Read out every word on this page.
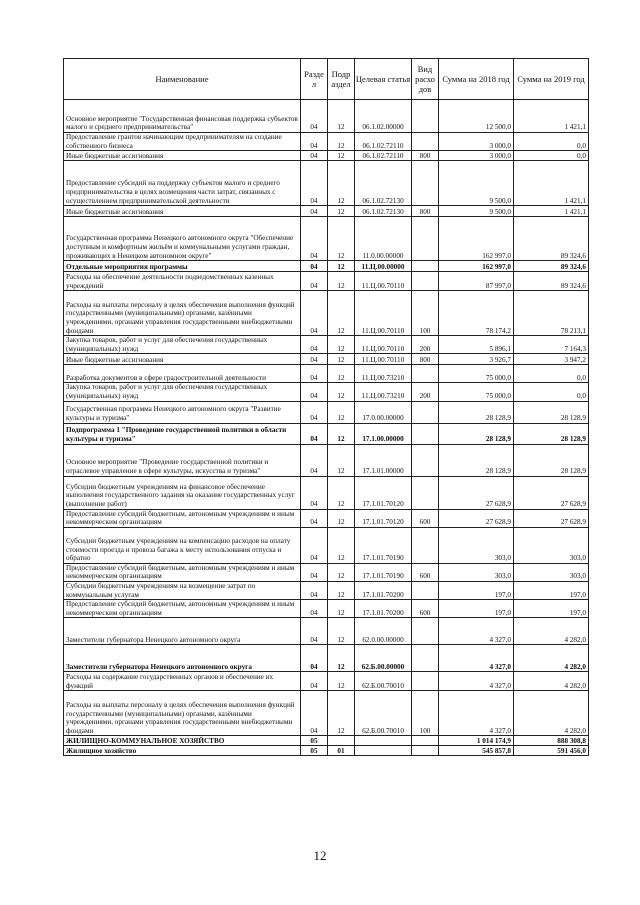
Наименование	Разде л	Подр аздел	Целевая статья	Вид расхо дов	Сумма на 2018 год	Сумма на 2019 год
Основное мероприятие "Государственная финансовая поддержка субъектов малого и среднего предпринимательства"	04	12	06.1.02.00000		12 500,0	1 421,1
Предоставление грантов начинающим предпринимателям на создание собственного бизнеса	04	12	06.1.02.72110		3 000,0	0,0
Иные бюджетные ассигнования	04	12	06.1.02.72110	800	3 000,0	0,0
Предоставление субсидий на поддержку субъектов малого и среднего предпринимательства в целях возмещения части затрат, связанных с осуществлением предпринимательской деятельности	04	12	06.1.02.72130		9 500,0	1 421,1
Иные бюджетные ассигнования	04	12	06.1.02.72130	800	9 500,0	1 421,1
Государственная программа Ненецкого автономного округа "Обеспечение доступным и комфортным жильём и коммунальными услугами граждан, проживающих в Ненецком автономном округе"	04	12	11.0.00.00000		162 997,0	89 324,6
Отдельные мероприятия программы	04	12	11.Ц.00.00000		162 997,0	89 324,6
Расходы на обеспечение деятельности подведомственных казенных учреждений	04	12	11.Ц.00.70110		87 997,0	89 324,6
Расходы на выплаты персоналу в целях обеспечения выполнения функций государственными (муниципальными) органами, казёнными учреждениями, органами управления государственными внебюджетными фондами	04	12	11.Ц.00.70110	100	78 174,2	78 213,1
Закупка товаров, работ и услуг для обеспечения государственных (муниципальных) нужд	04	12	11.Ц.00.70110	200	5 896,1	7 164,3
Иные бюджетные ассигнования	04	12	11.Ц.00.70110	800	3 926,7	3 947,2
Разработка документов в сфере градостроительной деятельности	04	12	11.Ц.00.73210		75 000,0	0,0
Закупка товаров, работ и услуг для обеспечения государственных (муниципальных) нужд	04	12	11.Ц.00.73210	200	75 000,0	0,0
Государственная программа Ненецкого автономного округа "Развитие культуры и туризма"	04	12	17.0.00.00000		28 128,9	28 128,9
Подпрограмма 1 "Проведение государственной политики в области культуры и туризма"	04	12	17.1.00.00000		28 128,9	28 128,9
Основное мероприятие "Проведение государственной политики и отраслевое управление в сфере культуры, искусства и туризма"	04	12	17.1.01.00000		28 128,9	28 128,9
Субсидии бюджетным учреждениям на финансовое обеспечение выполнения государственного задания на оказание государственных услуг (выполнение работ)	04	12	17.1.01.70120		27 628,9	27 628,9
Предоставление субсидий бюджетным, автономным учреждениям и иным некоммерческим организациям	04	12	17.1.01.70120	600	27 628,9	27 628,9
Субсидии бюджетным учреждениям на компенсацию расходов на оплату стоимости проезда и провоза багажа к месту использования отпуска и обратно	04	12	17.1.01.70190		303,0	303,0
Предоставление субсидий бюджетным, автономным учреждениям и иным некоммерческим организациям	04	12	17.1.01.70190	600	303,0	303,0
Субсидии бюджетным учреждениям на возмещение затрат по коммунальным услугам	04	12	17.1.01.70200		197,0	197,0
Предоставление субсидий бюджетным, автономным учреждениям и иным некоммерческим организациям	04	12	17.1.01.70200	600	197,0	197,0
Заместители губернатора Ненецкого автономного округа	04	12	62.0.00.00000		4 327,0	4 282,0
Заместители губернатора Ненецкого автономного округа	04	12	62.Б.00.00000		4 327,0	4 282,0
Расходы на содержание государственных органов и обеспечение их функций	04	12	62.Б.00.70010		4 327,0	4 282,0
Расходы на выплаты персоналу в целях обеспечения выполнения функций государственными (муниципальными) органами, казёнными учреждениями, органами управления государственными внебюджетными фондами	04	12	62.Б.00.70010	100	4 327,0	4 282,0
ЖИЛИЩНО-КОММУНАЛЬНОЕ ХОЗЯЙСТВО	05				1 014 174,9	888 308,8
Жилищное хозяйство	05	01			545 857,8	591 456,0
12
